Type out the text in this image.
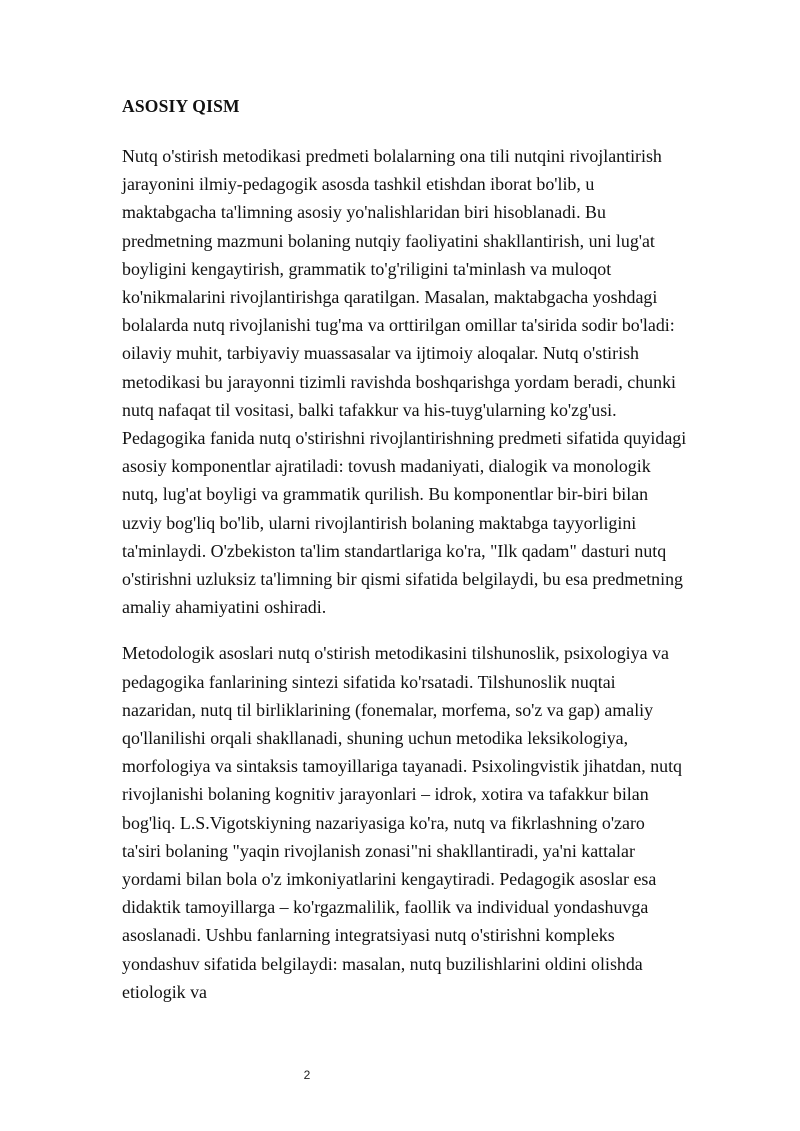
ASOSIY QISM

Nutq o'stirish metodikasi predmeti bolalarning ona tili nutqini rivojlantirish jarayonini ilmiy-pedagogik asosda tashkil etishdan iborat bo'lib, u maktabgacha ta'limning asosiy yo'nalishlaridan biri hisoblanadi. Bu predmetning mazmuni bolaning nutqiy faoliyatini shakllantirish, uni lug'at boyligini kengaytirish, grammatik to'g'riligini ta'minlash va muloqot ko'nikmalarini rivojlantirishga qaratilgan. Masalan, maktabgacha yoshdagi bolalarda nutq rivojlanishi tug'ma va orttirilgan omillar ta'sirida sodir bo'ladi: oilaviy muhit, tarbiyaviy muassasalar va ijtimoiy aloqalar. Nutq o'stirish metodikasi bu jarayonni tizimli ravishda boshqarishga yordam beradi, chunki nutq nafaqat til vositasi, balki tafakkur va his-tuyg'ularning ko'zg'usi. Pedagogika fanida nutq o'stirishni rivojlantirishning predmeti sifatida quyidagi asosiy komponentlar ajratiladi: tovush madaniyati, dialogik va monologik nutq, lug'at boyligi va grammatik qurilish. Bu komponentlar bir-biri bilan uzviy bog'liq bo'lib, ularni rivojlantirish bolaning maktabga tayyorligini ta'minlaydi. O'zbekiston ta'lim standartlariga ko'ra, "Ilk qadam" dasturi nutq o'stirishni uzluksiz ta'limning bir qismi sifatida belgilaydi, bu esa predmetning amaliy ahamiyatini oshiradi.

Metodologik asoslari nutq o'stirish metodikasini tilshunoslik, psixologiya va pedagogika fanlarining sintezi sifatida ko'rsatadi. Tilshunoslik nuqtai nazaridan, nutq til birliklarining (fonemalar, morfema, so'z va gap) amaliy qo'llanilishi orqali shakllanadi, shuning uchun metodika leksikologiya, morfologiya va sintaksis tamoyillariga tayanadi. Psixolingvistik jihatdan, nutq rivojlanishi bolaning kognitiv jarayonlari – idrok, xotira va tafakkur bilan bog'liq. L.S.Vigotskiyning nazariyasiga ko'ra, nutq va fikrlashning o'zaro ta'siri bolaning "yaqin rivojlanish zonasi"ni shakllantiradi, ya'ni kattalar yordami bilan bola o'z imkoniyatlarini kengaytiradi. Pedagogik asoslar esa didaktik tamoyillarga – ko'rgazmalilik, faollik va individual yondashuvga asoslanadi. Ushbu fanlarning integratsiyasi nutq o'stirishni kompleks yondashuv sifatida belgilaydi: masalan, nutq buzilishlarini oldini olishda etiologik va

2
